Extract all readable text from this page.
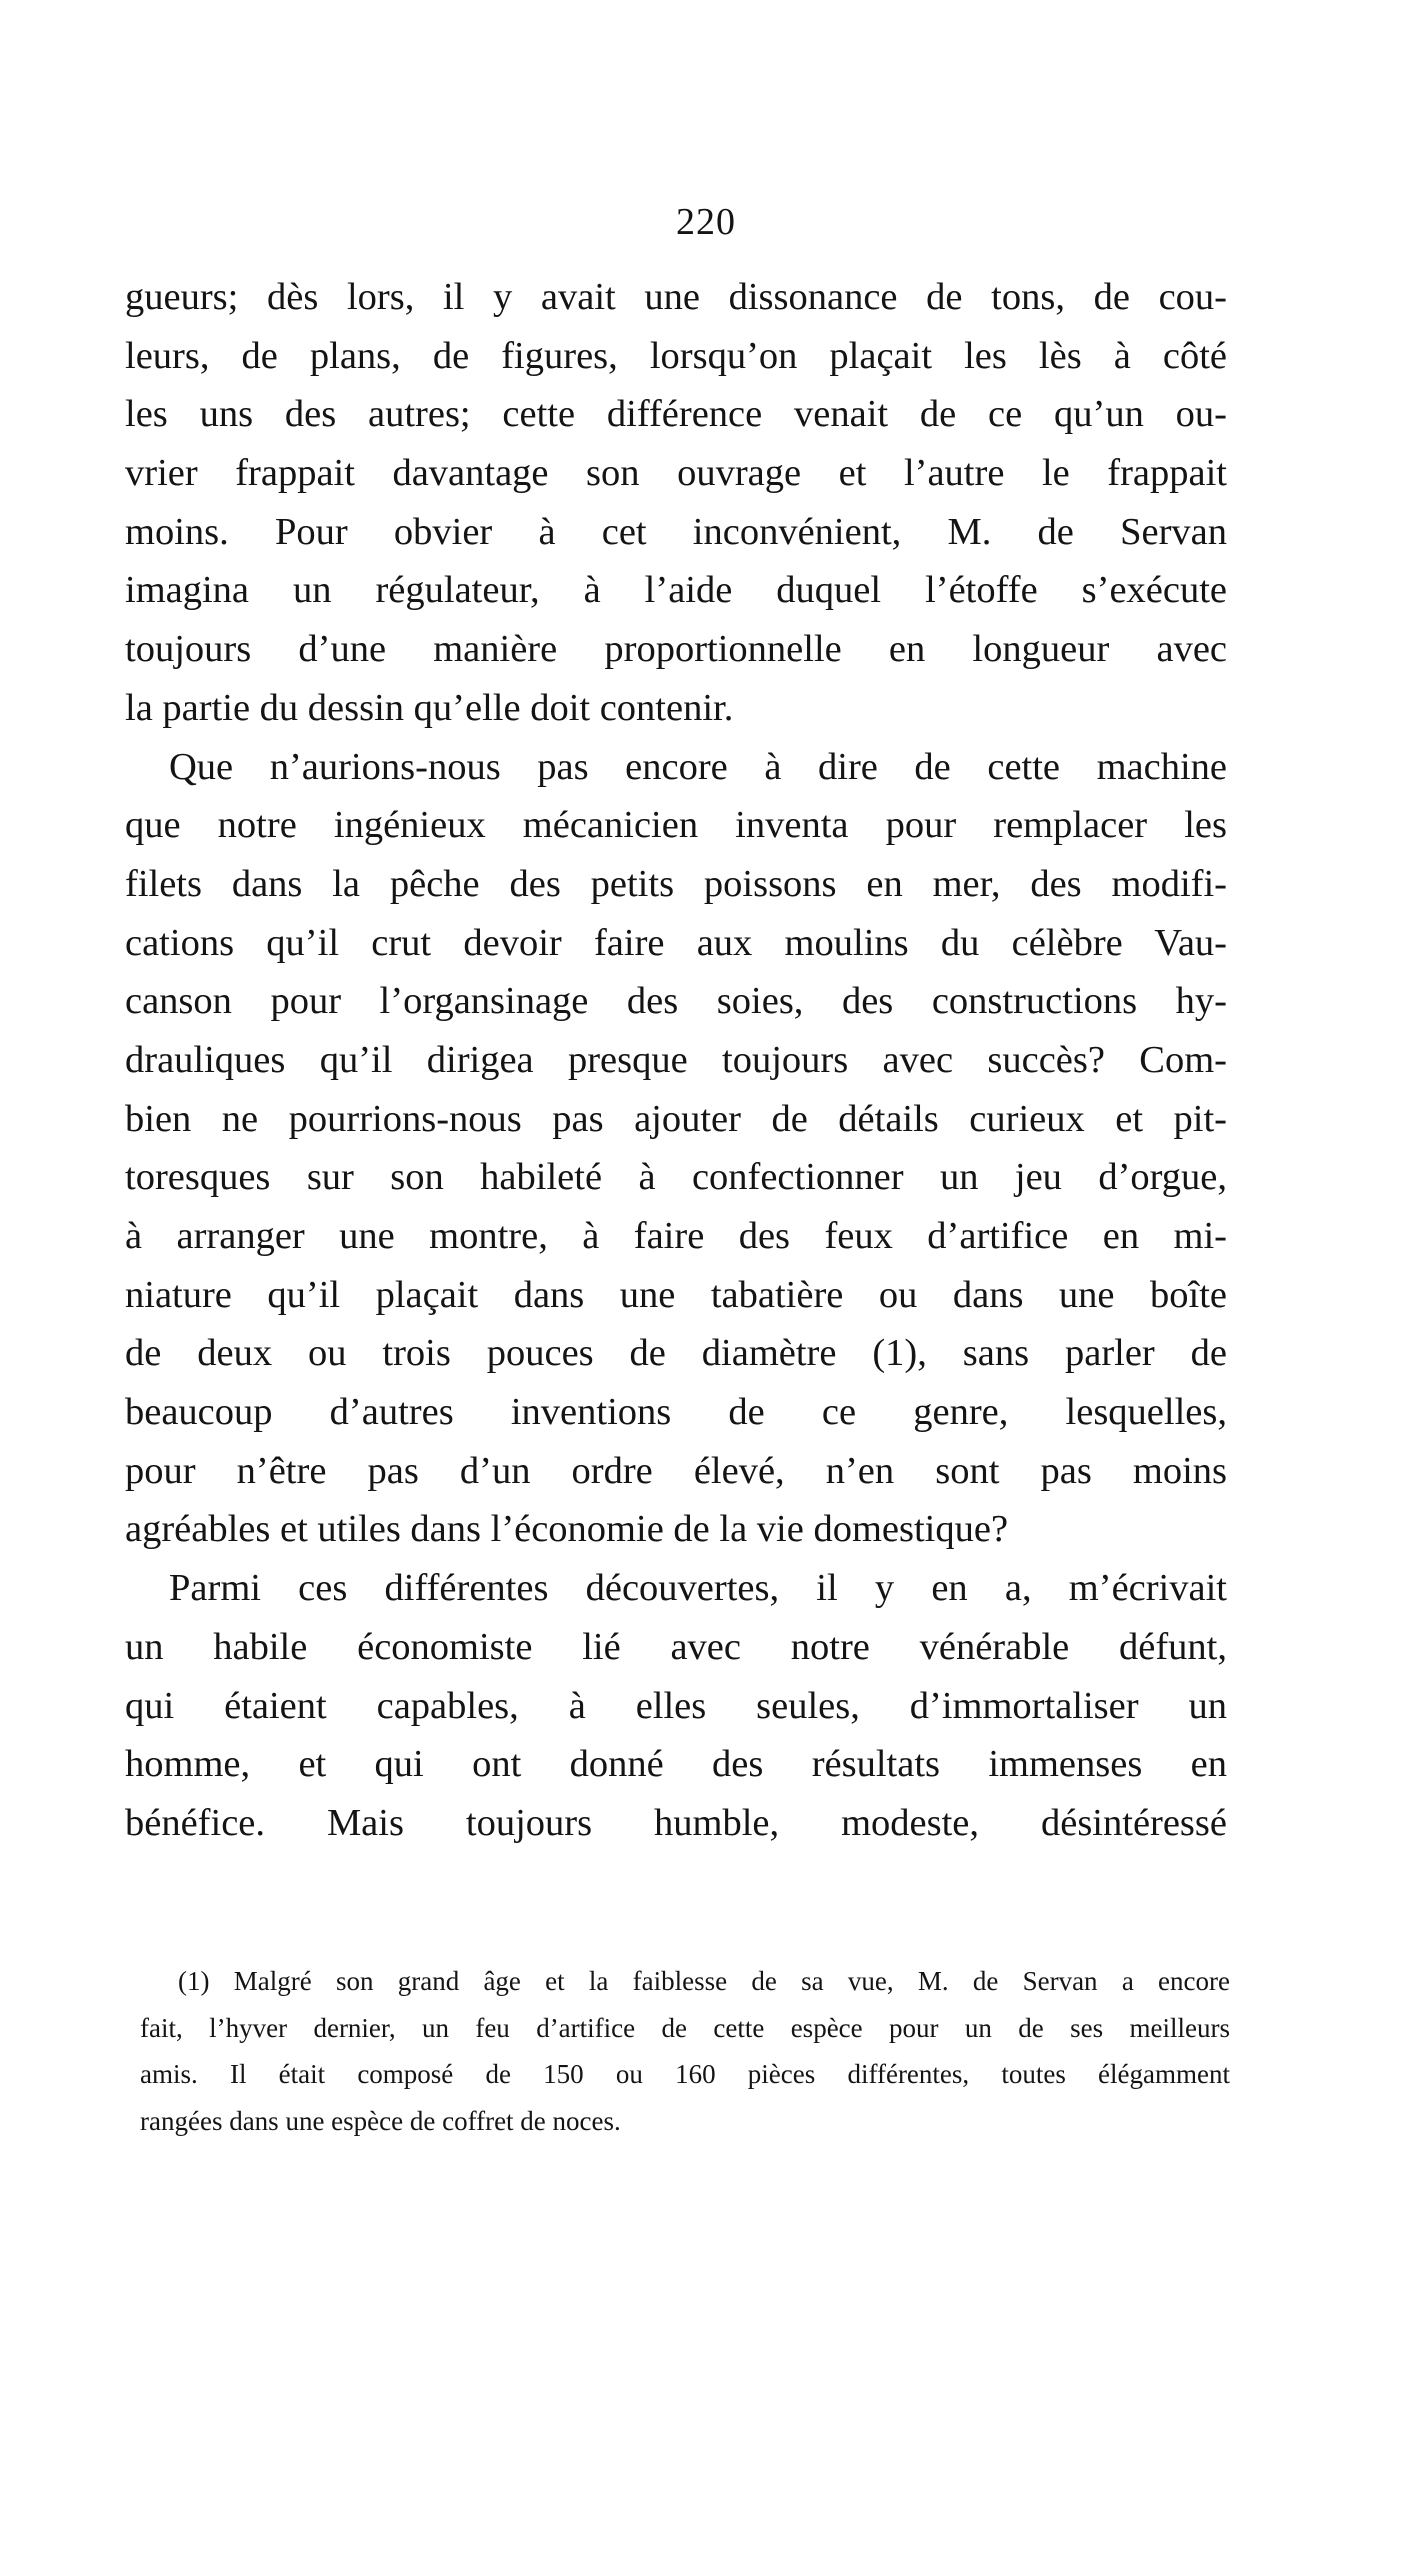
220
gueurs; dès lors, il y avait une dissonance de tons, de cou-
leurs, de plans, de figures, lorsqu’on plaçait les lès à côté
les uns des autres; cette différence venait de ce qu’un ou-
vrier frappait davantage son ouvrage et l’autre le frappait
moins. Pour obvier à cet inconvénient, M. de Servan
imagina un régulateur, à l’aide duquel l’étoffe s’exécute
toujours d’une manière proportionnelle en longueur avec
la partie du dessin qu’elle doit contenir.
Que n’aurions-nous pas encore à dire de cette machine
que notre ingénieux mécanicien inventa pour remplacer les
filets dans la pêche des petits poissons en mer, des modifi-
cations qu’il crut devoir faire aux moulins du célèbre Vau-
canson pour l’organsinage des soies, des constructions hy-
drauliques qu’il dirigea presque toujours avec succès? Com-
bien ne pourrions-nous pas ajouter de détails curieux et pit-
toresques sur son habileté à confectionner un jeu d’orgue,
à arranger une montre, à faire des feux d’artifice en mi-
niature qu’il plaçait dans une tabatière ou dans une boîte
de deux ou trois pouces de diamètre (1), sans parler de
beaucoup d’autres inventions de ce genre, lesquelles,
pour n’être pas d’un ordre élevé, n’en sont pas moins
agréables et utiles dans l’économie de la vie domestique?
Parmi ces différentes découvertes, il y en a, m’écrivait
un habile économiste lié avec notre vénérable défunt,
qui étaient capables, à elles seules, d’immortaliser un
homme, et qui ont donné des résultats immenses en
bénéfice. Mais toujours humble, modeste, désintéressé
(1) Malgré son grand âge et la faiblesse de sa vue, M. de Servan a encore
fait, l’hyver dernier, un feu d’artifice de cette espèce pour un de ses meilleurs
amis. Il était composé de 150 ou 160 pièces différentes, toutes élégamment
rangées dans une espèce de coffret de noces.
